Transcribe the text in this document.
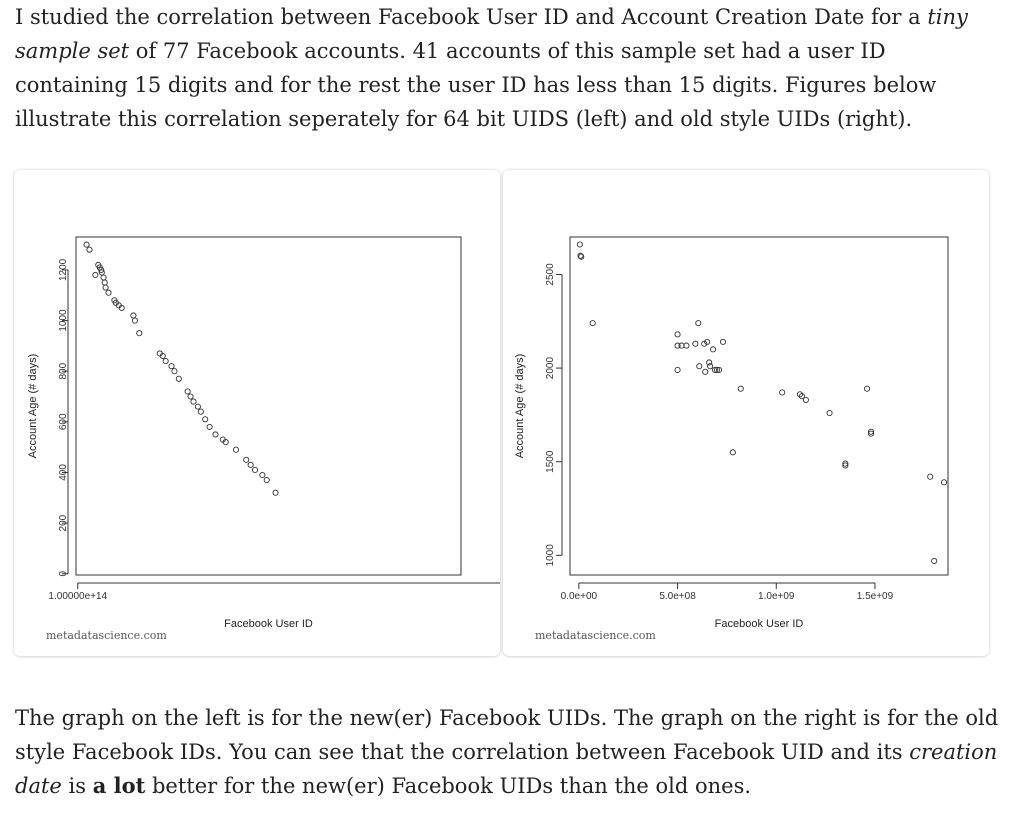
I studied the correlation between Facebook User ID and Account Creation Date for a tiny sample set of 77 Facebook accounts. 41 accounts of this sample set had a user ID containing 15 digits and for the rest the user ID has less than 15 digits. Figures below illustrate this correlation seperately for 64 bit UIDS (left) and old style UIDs (right).

1.00000e+14
0
200
400
600
800
1000
1200
Facebook User ID
Account Age (# days)
metadatascience.com
0.0e+00	5.0e+08	1.0e+09	1.5e+09
1000
1500
2000
2500
Facebook User ID
Account Age (# days)
metadatascience.com

The graph on the left is for the new(er) Facebook UIDs. The graph on the right is for the old style Facebook IDs. You can see that the correlation between Facebook UID and its creation date is a lot better for the new(er) Facebook UIDs than the old ones.
